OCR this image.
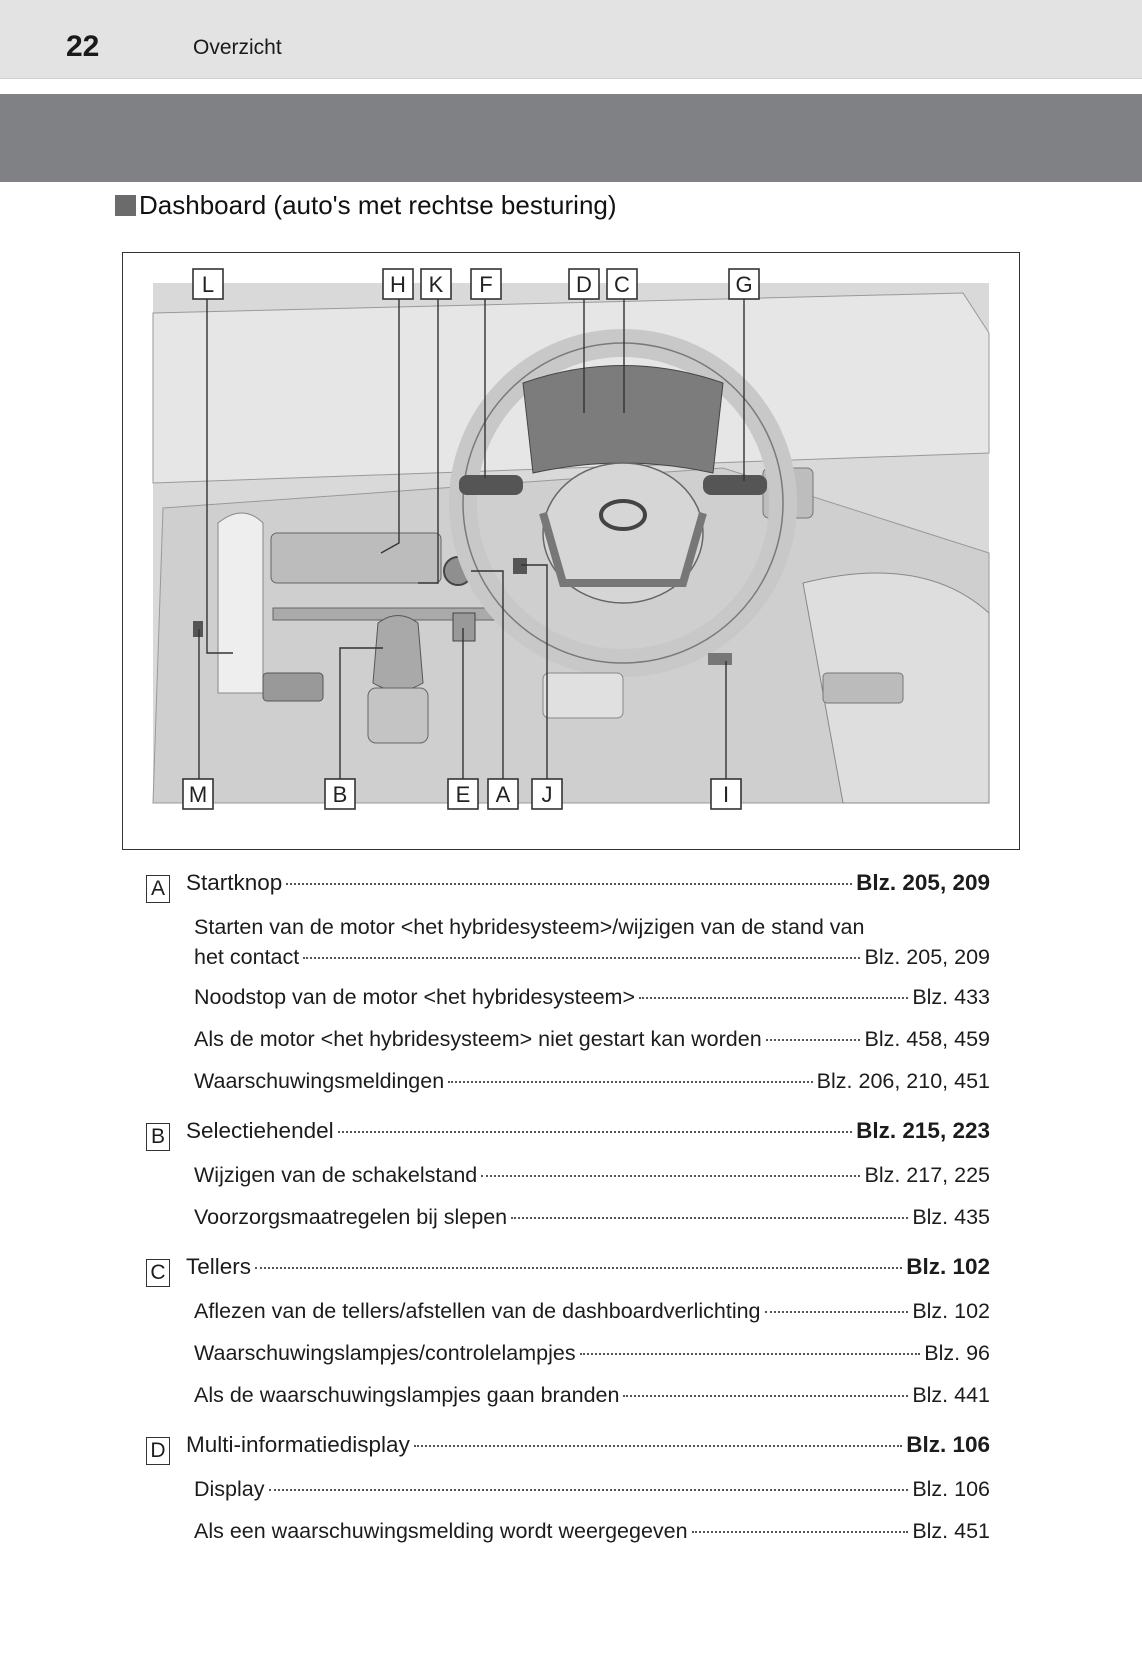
22	Overzicht
Dashboard (auto's met rechtse besturing)
L	H K F	D C	G
M	B	E A J	I
A Startknop	Blz. 205, 209
Starten van de motor <het hybridesysteem>/wijzigen van de stand van
het contact	Blz. 205, 209
Noodstop van de motor <het hybridesysteem>	Blz. 433
Als de motor <het hybridesysteem> niet gestart kan worden	Blz. 458, 459
Waarschuwingsmeldingen	Blz. 206, 210, 451
B Selectiehendel	Blz. 215, 223
Wijzigen van de schakelstand	Blz. 217, 225
Voorzorgsmaatregelen bij slepen	Blz. 435
C Tellers	Blz. 102
Aflezen van de tellers/afstellen van de dashboardverlichting	Blz. 102
Waarschuwingslampjes/controlelampjes	Blz. 96
Als de waarschuwingslampjes gaan branden	Blz. 441
D Multi-informatiedisplay	Blz. 106
Display	Blz. 106
Als een waarschuwingsmelding wordt weergegeven	Blz. 451
